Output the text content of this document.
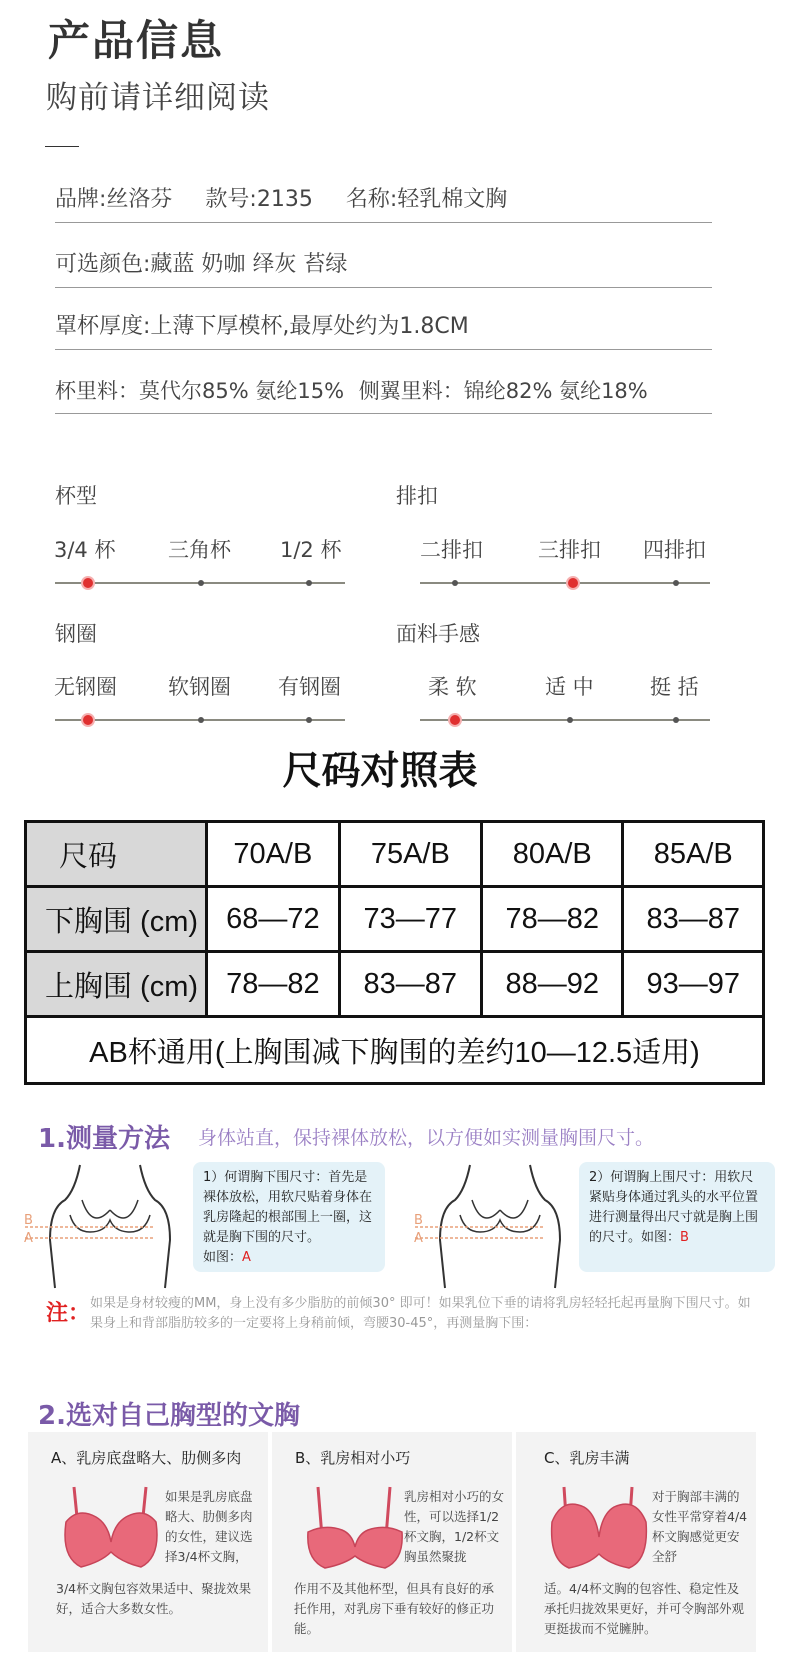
产品信息
购前请详细阅读
品牌:丝洛芬 款号:2135 名称:轻乳棉文胸
可选颜色:藏蓝 奶咖 绎灰 苔绿
罩杯厚度:上薄下厚模杯,最厚处约为1.8CM
杯里料：莫代尔85% 氨纶15% 侧翼里料：锦纶82% 氨纶18%
杯型
3/4 杯	三角杯 1/2 杯
排扣
二排扣	三排扣 四排扣
钢圈
无钢圈 软钢圈 有钢圈
面料手感
柔 软	适 中	挺 括
尺码对照表
尺码	70A/B	75A/B	80A/B	85A/B
下胸围 (cm)	68—72	73—77	78—82	83—87
上胸围 (cm)	78—82	83—87	88—92	93—97
AB杯通用(上胸围减下胸围的差约10—12.5适用)				
1.测量方法 身体站直，保持裸体放松，以方便如实测量胸围尺寸。
B
A
1）何谓胸下围尺寸：首先是裸体放松，用软尺贴着身体在乳房隆起的根部围上一圈，这就是胸下围的尺寸。
如图：A
B
A
2）何谓胸上围尺寸：用软尺紧贴身体通过乳头的水平位置进行测量得出尺寸就是胸上围的尺寸。如图：B
注： 如果是身材较瘦的MM，身上没有多少脂肪的前倾30° 即可！如果乳位下垂的请将乳房轻轻托起再量胸下围尺寸。如果身上和背部脂肪较多的一定要将上身稍前倾，弯腰30-45°，再测量胸下围：
2.选对自己胸型的文胸
A、乳房底盘略大、肋侧多肉
如果是乳房底盘略大、肋侧多肉的女性，建议选择3/4杯文胸，
3/4杯文胸包容效果适中、聚拢效果好，适合大多数女性。
B、乳房相对小巧
乳房相对小巧的女性，可以选择1/2杯文胸，1/2杯文胸虽然聚拢
作用不及其他杯型，但具有良好的承托作用，对乳房下垂有较好的修正功能。
C、乳房丰满
对于胸部丰满的女性平常穿着4/4杯文胸感觉更安全舒
适。4/4杯文胸的包容性、稳定性及承托归拢效果更好，并可令胸部外观更挺拔而不觉臃肿。
